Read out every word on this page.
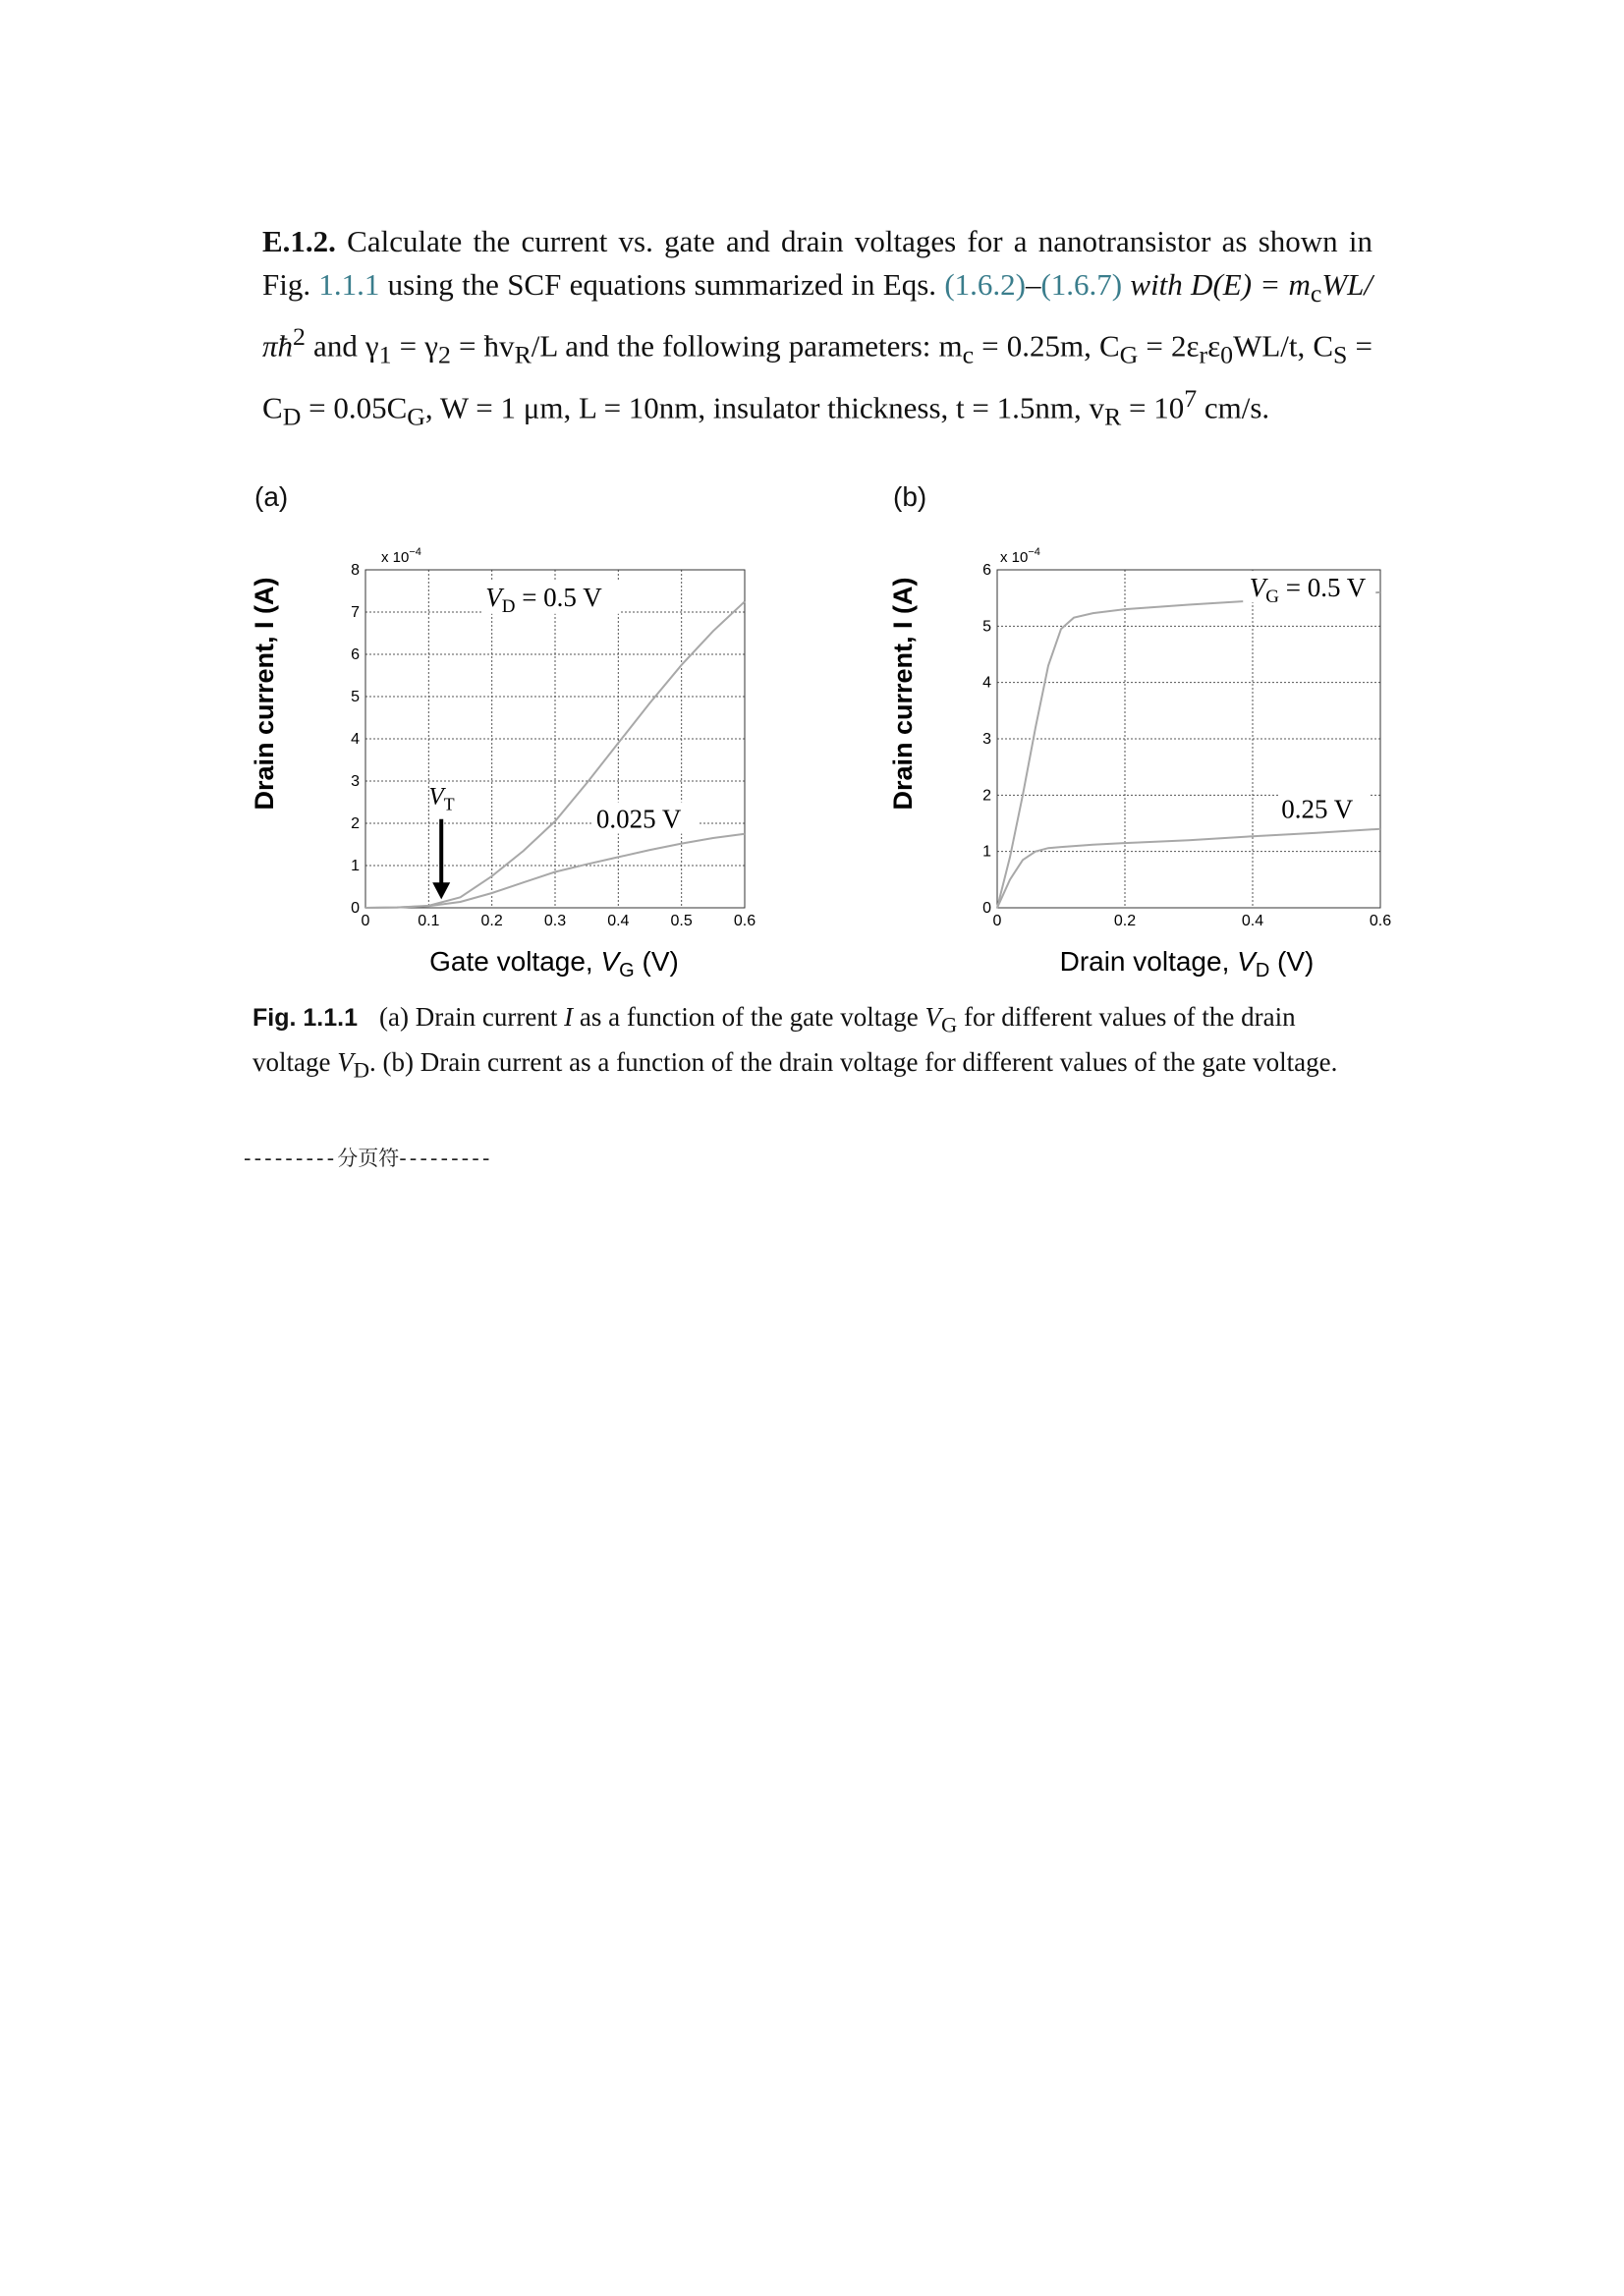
E.1.2. Calculate the current vs. gate and drain voltages for a nanotransistor as shown in Fig. 1.1.1 using the SCF equations summarized in Eqs. (1.6.2)–(1.6.7) with $D(E) = m_cWL/\pi ħ^2$ and $\gamma_1 = \gamma_2$ = $ħv_R/L$ and the following parameters: $m_c = 0.25m$, $C_G = 2\varepsilon_r\varepsilon_0WL/t$, $C_S = C_D = 0.05C_G$, W = 1 μm, L = 10nm, insulator thickness, t = 1.5nm, $v_R = 10^7$ cm/s.
(a)	(b)
Drain current, I (A)
x $10^{-4}$
Gate voltage, $V_G$ (V)
0	0.1	0.2	0.3	0.4	0.5	0.6
0
1
2
3
4
5
6
7
8
$V_D = 0.5$ V
0.025 V
$V_T$	Drain current, I (A)
x $10^{-4}$
Drain voltage, $V_D$ (V)
0	0.2	0.4	0.6
0
1
2
3
4
5
6
$V_G = 0.5$ V
0.25 V
Fig. 1.1.1 (a) Drain current I as a function of the gate voltage $V_G$ for different values of the drain voltage $V_D$. (b) Drain current as a function of the drain voltage for different values of the gate voltage.
---------分页符---------
